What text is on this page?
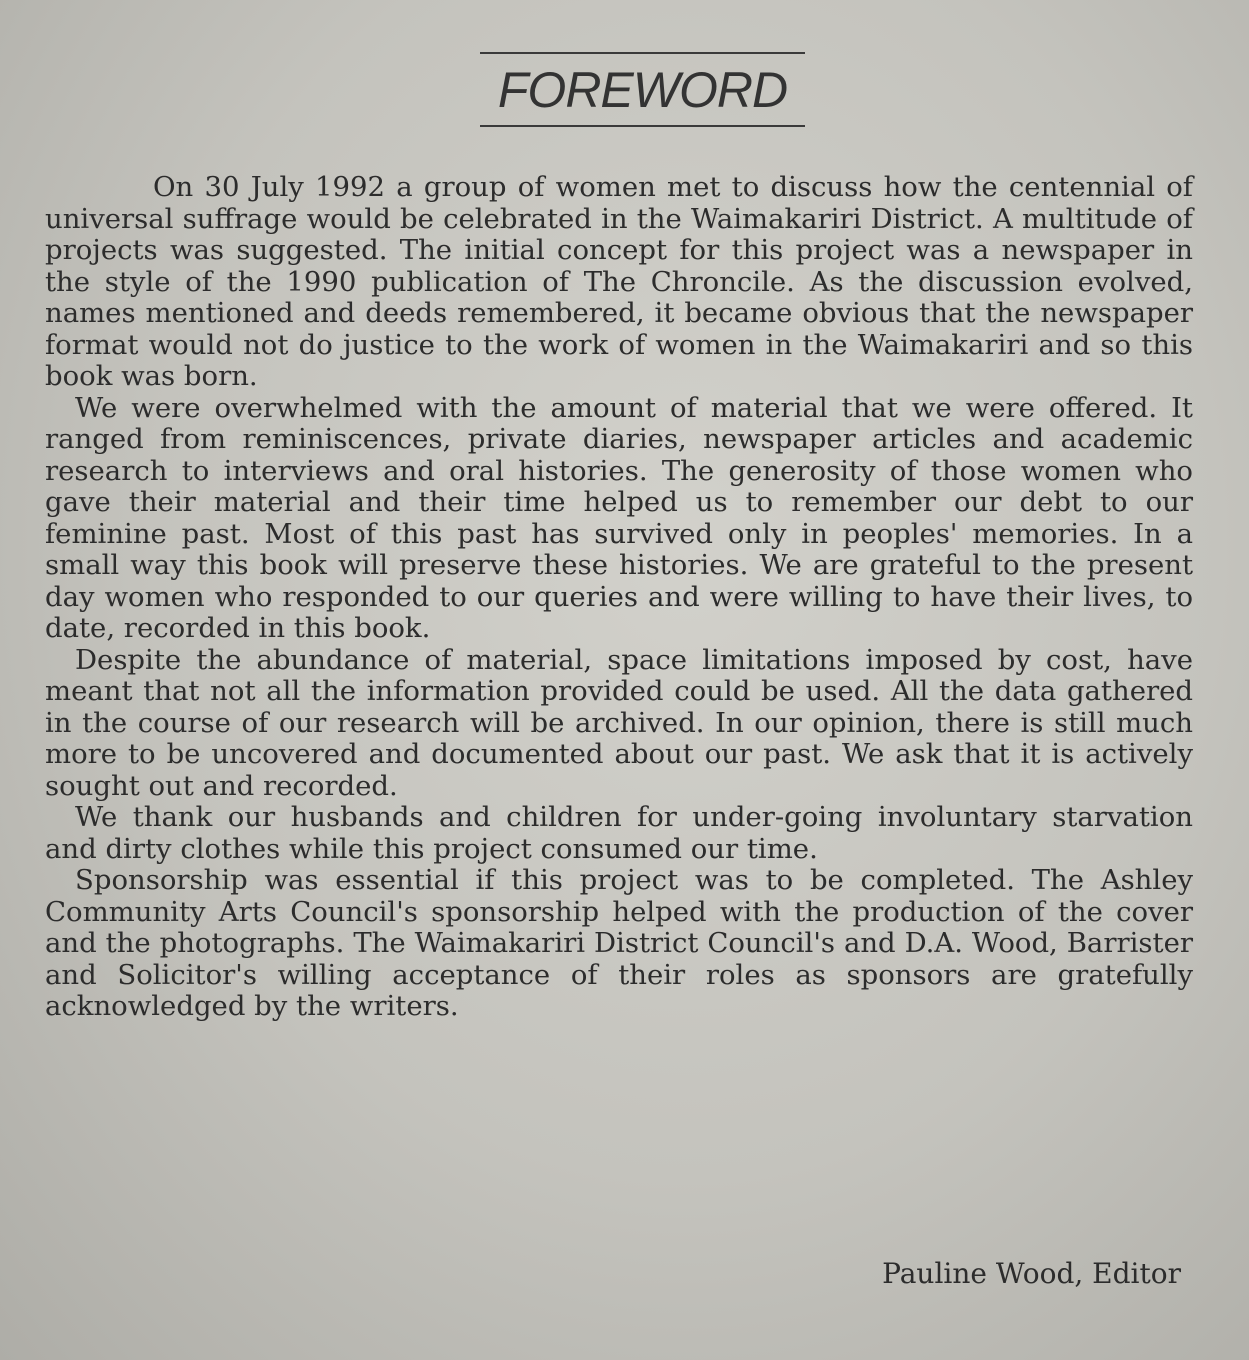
FOREWORD

On 30 July 1992 a group of women met to discuss how the centennial of universal suffrage would be celebrated in the Waimakariri District. A multitude of projects was suggested. The initial concept for this project was a newspaper in the style of the 1990 publication of The Chroncile. As the discussion evolved, names mentioned and deeds remembered, it became obvious that the newspaper format would not do justice to the work of women in the Waimakariri and so this book was born.

We were overwhelmed with the amount of material that we were offered. It ranged from reminiscences, private diaries, newspaper articles and academic research to interviews and oral histories. The generosity of those women who gave their material and their time helped us to remember our debt to our feminine past. Most of this past has survived only in peoples' memories. In a small way this book will preserve these histories. We are grateful to the present day women who responded to our queries and were willing to have their lives, to date, recorded in this book.

Despite the abundance of material, space limitations imposed by cost, have meant that not all the information provided could be used. All the data gathered in the course of our research will be archived. In our opinion, there is still much more to be uncovered and documented about our past. We ask that it is actively sought out and recorded.

We thank our husbands and children for under-going involuntary starvation and dirty clothes while this project consumed our time.

Sponsorship was essential if this project was to be completed. The Ashley Community Arts Council's sponsorship helped with the production of the cover and the photographs. The Waimakariri District Council's and D.A. Wood, Barrister and Solicitor's willing acceptance of their roles as sponsors are gratefully acknowledged by the writers.

Pauline Wood, Editor
